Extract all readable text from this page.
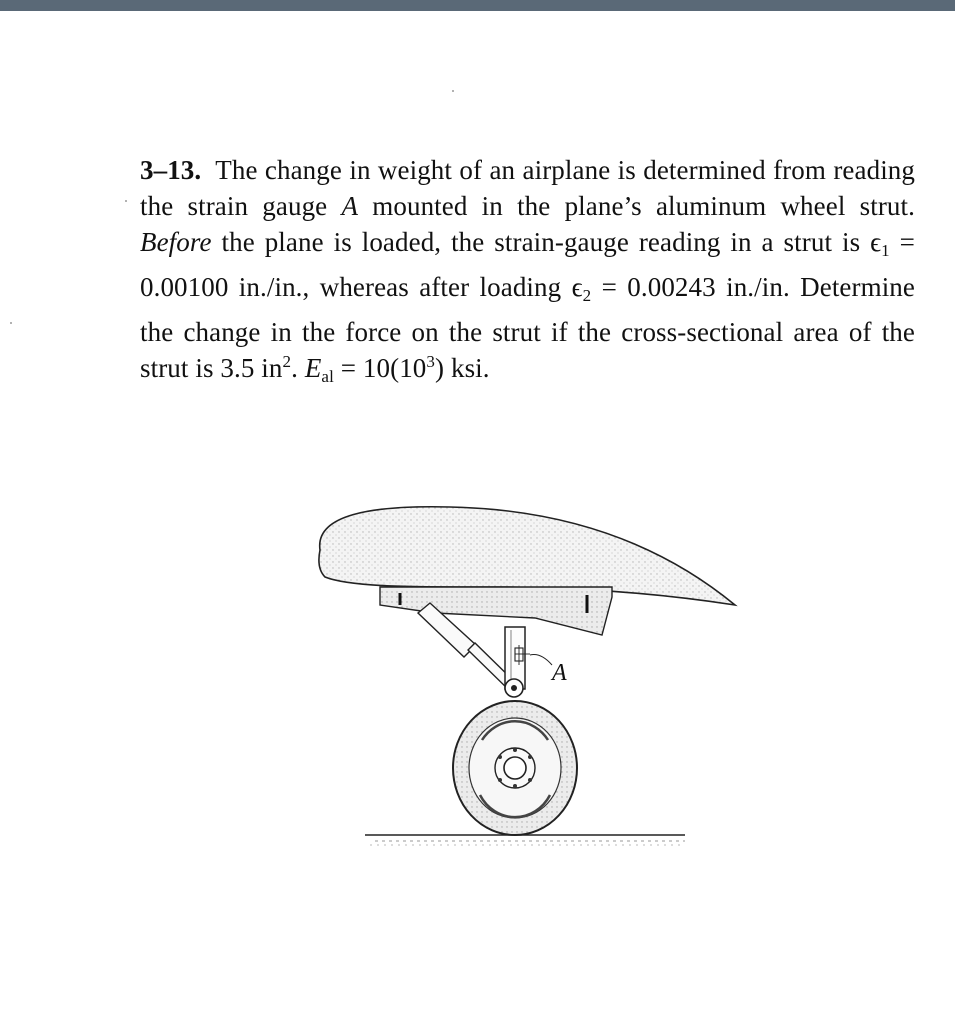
3–13. The change in weight of an airplane is determined from reading the strain gauge A mounted in the plane’s aluminum wheel strut. Before the plane is loaded, the strain-gauge reading in a strut is $\epsilon_1 = 0.00100$ in./in., whereas after loading $\epsilon_2 = 0.00243$ in./in. Determine the change in the force on the strut if the cross-sectional area of the strut is 3.5 $in^2$. $E_{al} = 10(10^3)$ ksi.
A
